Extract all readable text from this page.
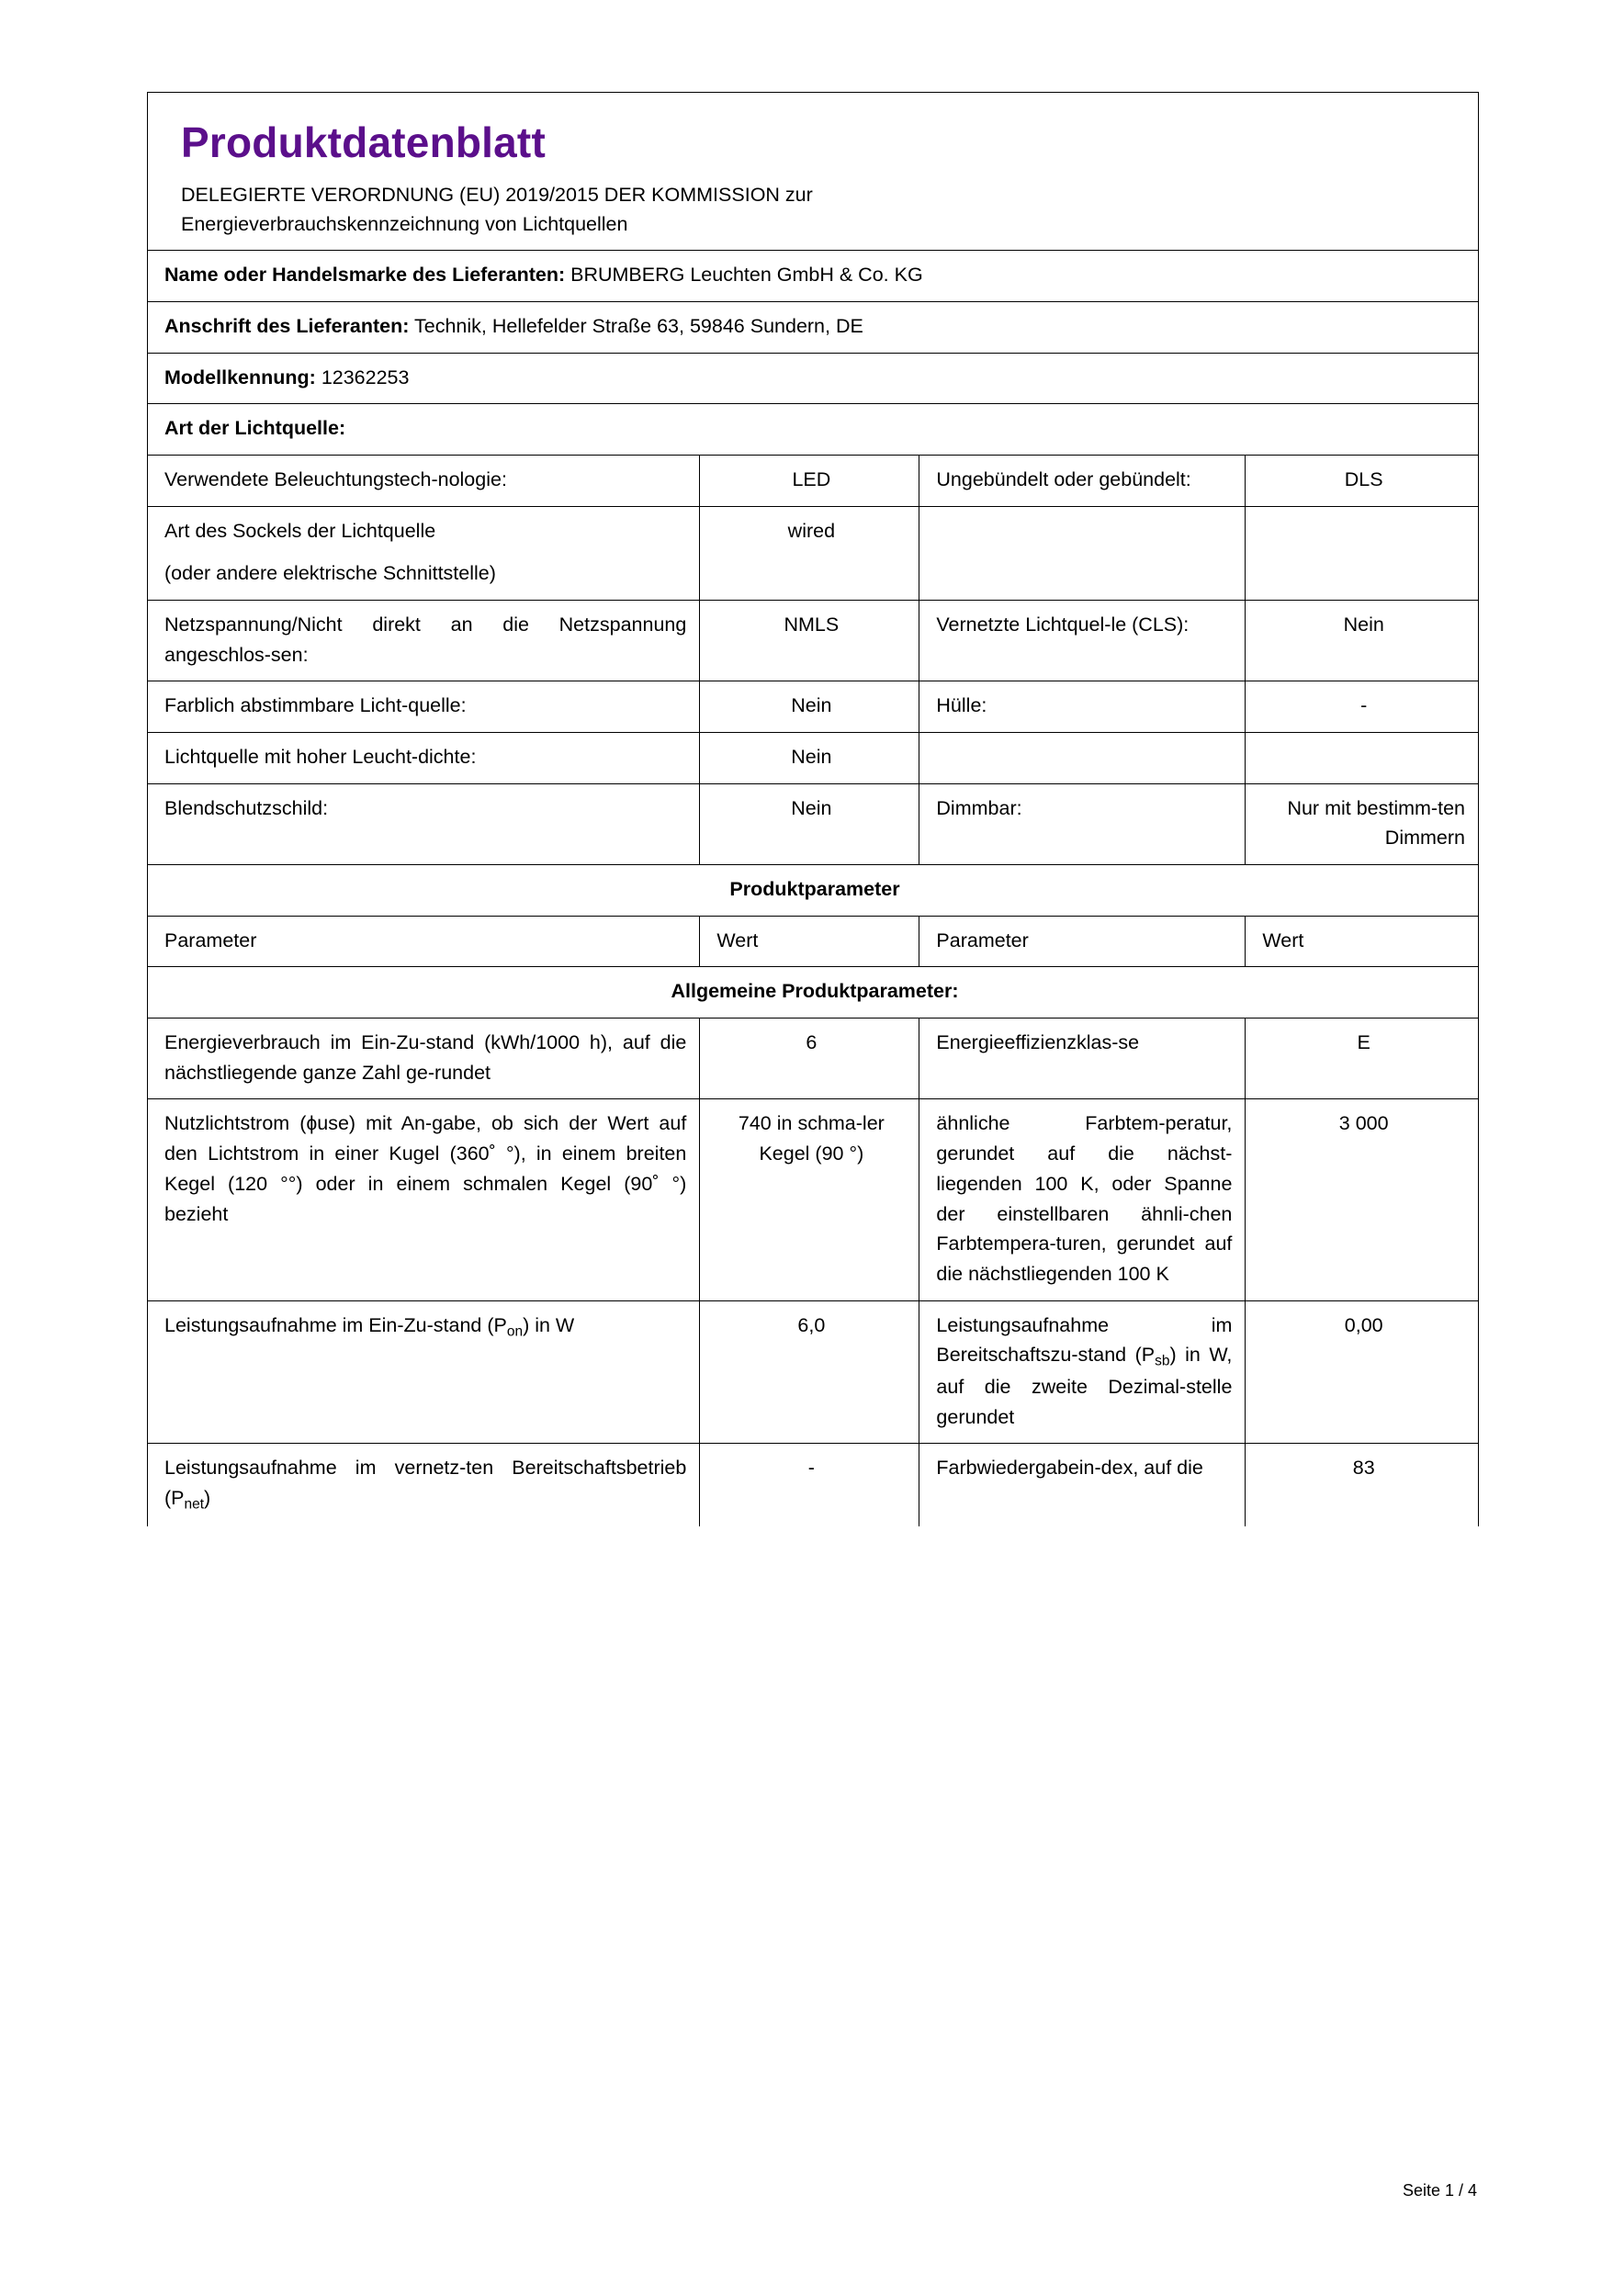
Produktdatenblatt
DELEGIERTE VERORDNUNG (EU) 2019/2015 DER KOMMISSION zur
Energieverbrauchskennzeichnung von Lichtquellen			

Name oder Handelsmarke des Lieferanten: BRUMBERG Leuchten GmbH & Co. KG			
Anschrift des Lieferanten: Technik, Hellefelder Straße 63, 59846 Sundern, DE			
Modellkennung: 12362253			
Art der Lichtquelle:			
Verwendete Beleuchtungstech-nologie:	LED	Ungebündelt oder gebündelt:	DLS

Art des Sockels der Lichtquelle
(oder andere elektrische Schnittstelle)	wired		
Netzspannung/Nicht direkt an die Netzspannung angeschlos-sen:	NMLS	Vernetzte Lichtquel-le (CLS):	Nein
Farblich abstimmbare Licht-quelle:	Nein	Hülle:	-
Lichtquelle mit hoher Leucht-dichte:	Nein		
Blendschutzschild:	Nein	Dimmbar:	Nur mit bestimm-ten Dimmern
Produktparameter			
Parameter	Wert	Parameter	Wert
Allgemeine Produktparameter:			
Energieverbrauch im Ein-Zu-stand (kWh/1000 h), auf die nächstliegende ganze Zahl ge-rundet	6	Energieeffizienzklas-se	E
Nutzlichtstrom (ɸuse) mit An-gabe, ob sich der Wert auf den Lichtstrom in einer Kugel (360˚ °), in einem breiten Kegel (120 °°) oder in einem schmalen Kegel (90˚ °) bezieht	740 in schma-ler Kegel (90 °)	ähnliche Farbtem-peratur, gerundet auf die nächst-liegenden 100 K, oder Spanne der einstellbaren ähnli-chen Farbtempera-turen, gerundet auf die nächstliegenden 100 K	3 000
Leistungsaufnahme im Ein-Zu-stand $(P_{on})$ in W	6,0	Leistungsaufnahme im Bereitschaftszu-stand $(P_{sb})$ in W, auf die zweite Dezimal-stelle gerundet	0,00
Leistungsaufnahme im vernetz-ten Bereitschaftsbetrieb $(P_{net})$	-	Farbwiedergabein-dex, auf die	83
Seite 1 / 4
